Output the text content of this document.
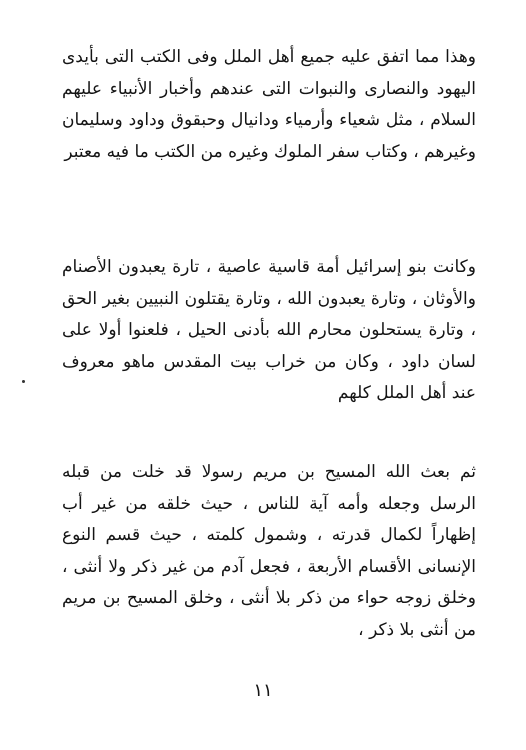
وهذا مما اتفق عليه جميع أهل الملل وفى الكتب التى بأيدى اليهود والنصارى والنبوات التى عندهم وأخبار الأنبياء عليهم السلام ، مثل شعياء وأرمياء ودانيال وحبقوق وداود وسليمان وغيرهم ، وكتاب سفر الملوك وغيره من الكتب ما فيه معتبر

وكانت بنو إسرائيل أمة قاسية عاصية ، تارة يعبدون الأصنام والأوثان ، وتارة يعبدون الله ، وتارة يقتلون النبيين بغير الحق ، وتارة يستحلون محارم الله بأدنى الحيل ، فلعنوا أولا على لسان داود ، وكان من خراب بيت المقدس ماهو معروف عند أهل الملل كلهم

ثم بعث الله المسيح بن مريم رسولا قد خلت من قبله الرسل وجعله وأمه آية للناس ، حيث خلقه من غير أب إظهاراً لكمال قدرته ، وشمول كلمته ، حيث قسم النوع الإنسانى الأقسام الأربعة ، فجعل آدم من غير ذكر ولا أنثى ، وخلق زوجه حواء من ذكر بلا أنثى ، وخلق المسيح بن مريم من أنثى بلا ذكر ،

١١
